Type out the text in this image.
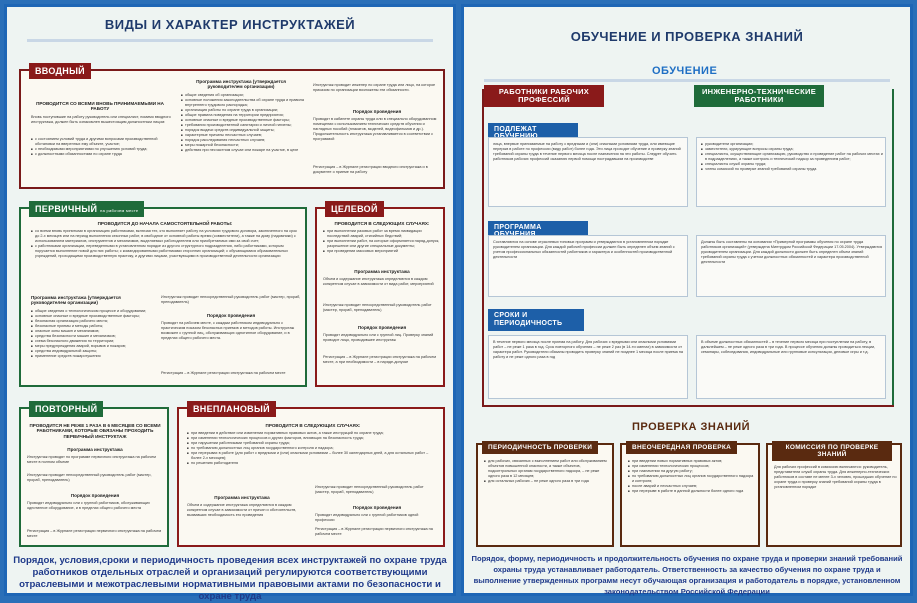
ВИДЫ И ХАРАКТЕР ИНСТРУКТАЖЕЙ
ВВОДНЫЙ
ПРОВОДИТСЯ СО ВСЕМИ ВНОВЬ ПРИНИМАЕМЫМИ НА РАБОТУ
Вновь поступившие на работу руководитель или специалист, помимо вводного инструктажа, должен быть ознакомлен вышестоящим должностным лицом:
■ с состоянием условий труда и другими вопросами производственной обстановки на вверенных ему объекте, участке;
■ с необходимыми мероприятиями по улучшению условий труда;
■ с должностными обязанностями по охране труда
Программа инструктажа (утверждается руководителем организации)
■ общие сведения об организации;
■ основные положения законодательства об охране труда и правила внутреннего трудового распорядка;
■ организация работы по охране труда в организации;
■ общие правила поведения на территории предприятия;
■ основные опасные и вредные производственные факторы;
■ требования производственной санитарии и личной гигиены;
■ порядок выдачи средств индивидуальной защиты;
■ характерные причины несчастных случаев;
■ порядок расследования несчастных случаев;
■ меры пожарной безопасности;
■ действия при несчастном случае или пожаре на участке, в цехе
Инструктаж проводит инженер по охране труда или лицо, на которое приказом по организации возложены эти обязанности.
Порядок проведения
Проводят в кабинете охраны труда или в специально оборудованном помещении с использованием технических средств обучения и наглядных пособий (плакатов, моделей, видеофильмов и др.). Продолжительность инструктажа устанавливается в соответствии с программой
Регистрация – в Журнале регистрации вводного инструктажа и в документе о приеме на работу
ПЕРВИЧНЫЙ на рабочем месте
ПРОВОДИТСЯ ДО НАЧАЛА САМОСТОЯТЕЛЬНОЙ РАБОТЫ:
■ со всеми вновь принятыми в организацию работниками, включая тех, кто выполняет работу на условиях трудового договора, заключенного на срок до 2-х месяцев или на период выполнения сезонных работ, в свободное от основной работы время (совместители), а также на дому (надомники) с использованием материалов, инструментов и механизмов, выделяемых работодателем или приобретаемых ими за свой счет;
■ с работниками организации, переведенными в установленном порядке из другого структурного подразделения, либо работниками, которым поручается выполнение новой для них работы; с командированными работниками сторонних организаций; с обучающимися образовательных учреждений, проходящими производственную практику, и другими лицами, участвующими в производственной деятельности организации
Программа инструктажа (утверждается руководителем организации)
■ общие сведения о технологическом процессе и оборудовании;
■ основные опасные и вредные производственные факторы;
■ безопасная организация рабочего места;
■ безопасные приемы и методы работы;
■ опасные зоны машин и механизмов;
■ средства безопасности машин и механизмов;
■ схема безопасного движения по территории;
■ меры предупреждения аварий, взрывов и пожаров;
■ средства индивидуальной защиты;
■ применение средств пожаротушения
Инструктаж проводит непосредственный руководитель работ (мастер, прораб, преподаватель)
Порядок проведения
Проводят на рабочем месте, с каждым работником индивидуально с практическим показом безопасных приемов и методов работы. Инструктаж возможен с группой лиц, обслуживающих однотипное оборудование, и в пределах общего рабочего места.
Регистрация – в Журнале регистрации инструктажа на рабочем месте
ЦЕЛЕВОЙ
ПРОВОДИТСЯ В СЛЕДУЮЩИХ СЛУЧАЯХ:
■ при выполнении разовых работ за время ликвидации последствий аварий, стихийных бедствий;
■ при выполнении работ, на которые оформляется наряд-допуск, разрешение или другие специальные документы;
■ при проведении массовых мероприятий
Программа инструктажа
Объем и содержание инструктажа определяются в каждом конкретном случае в зависимости от вида работ, мероприятий
Инструктаж проводит непосредственный руководитель работ (мастер, прораб, преподаватель)
Порядок проведения
Проводят индивидуально или с группой лиц. Проверку знаний проводит лицо, проводившее инструктаж
Регистрация – в Журнале регистрации инструктажа на рабочем месте, а при необходимости – в наряде-допуске
ПОВТОРНЫЙ
ПРОВОДИТСЯ НЕ РЕЖЕ 1 РАЗА В 6 МЕСЯЦЕВ СО ВСЕМИ РАБОТНИКАМИ, КОТОРЫЕ ОБЯЗАНЫ ПРОХОДИТЬ ПЕРВИЧНЫЙ ИНСТРУКТАЖ
Программа инструктажа
Инструктаж проводят по программе первичного инструктажа на рабочем месте в полном объеме
Инструктаж проводит непосредственный руководитель работ (мастер, прораб, преподаватель)
Порядок проведения
Проводят индивидуально или с группой работников, обслуживающих однотипное оборудование, и в пределах общего рабочего места
Регистрация – в Журнале регистрации первичного инструктажа на рабочем месте
ВНЕПЛАНОВЫЙ
ПРОВОДИТСЯ В СЛЕДУЮЩИХ СЛУЧАЯХ:
■ при введении в действие или изменении нормативных правовых актов, а также инструкций по охране труда;
■ при изменении технологических процессов и других факторов, влияющих на безопасность труда;
■ при нарушении работниками требований охраны труда;
■ по требованию должностных лиц органов государственного контроля и надзора;
■ при перерывах в работе (для работ с вредными и (или) опасными условиями – более 30 календарных дней, а для остальных работ – более 2-х месяцев);
■ по решению работодателя
Программа инструктажа
Объем и содержание инструктажа определяются в каждом конкретном случае в зависимости от причин и обстоятельств, вызвавших необходимость его проведения
Инструктаж проводит непосредственный руководитель работ (мастер, прораб, преподаватель)
Порядок проведения
Проводят индивидуально или с группой работников одной профессии
Регистрация – в Журнале регистрации первичного инструктажа на рабочем месте
Порядок, условия,сроки и периодичность проведения всех инструктажей по охране труда работников отдельных отраслей и организаций регулируются соответствующими отраслевыми и межотраслевыми нормативными правовыми актами по безопасности и охране труда
ОБУЧЕНИЕ И ПРОВЕРКА ЗНАНИЙ
ОБУЧЕНИЕ
РАБОТНИКИ РАБОЧИХ ПРОФЕССИЙ
ИНЖЕНЕРНО-ТЕХНИЧЕСКИЕ РАБОТНИКИ
ПОДЛЕЖАТ
лица, впервые принимаемые на работу с вредными и (или) опасными условиями труда, или имеющие перерыв в работе по профессии (виду работ) более года. Эти лица проходят обучение и проверку знаний требований охраны труда в течение первого месяца после назначения на эти работы. Следует обучить работников рабочих профессий оказанию первой помощи пострадавшим на производстве
■ руководители организации;
■ заместители, курирующие вопросы охраны труда;
■ специалисты, осуществляющие организацию, руководство и проведение работ на рабочих местах и в подразделениях, а также контроль и технический надзор за проведением работ;
■ специалисты служб охраны труда;
■ члены комиссий по проверке знаний требований охраны труда
ПРОГРАММА
Составляются на основе отраслевых типовых программ и утверждаются в установленном порядке руководителем организации. Для каждой рабочей профессии должен быть определен объем знаний с учетом профессиональных обязанностей работников и характера и особенностей производственной деятельности
Должны быть составлены на основании «Примерной программы обучения по охране труда работников организаций» (утверждена Минтрудом Российской Федерации 17.05.2004). Утверждаются руководителем организации. Для каждой должности должен быть определен объем знаний требований охраны труда с учетом должностных обязанностей и характера производственной деятельности
СРОКИ И ПЕРИОДИЧНОСТЬ
В течение первого месяца после приема на работу. Для рабочих с вредными или опасными условиями работ – не реже 1 раза в год. Срок повторного обучения – не реже 2 раз (в 14-ти сменах) в зависимости от характера работ. Руководители обязаны проводить проверку знаний не позднее 1 месяца после приема на работу и не реже одного раза в год
В объеме должностных обязанностей – в течение первого месяца при поступлении на работу, в дальнейшем – не реже одного раза в три года. В процессе обучения должны проводиться лекции, семинары, собеседования, индивидуальные или групповые консультации, деловые игры и т.д.
ПРОВЕРКА ЗНАНИЙ
ПЕРИОДИЧНОСТЬ ПРОВЕРКИ
■ для рабочих, связанных с выполнением работ или обслуживанием объектов повышенной опасности, а также объектов, подконтрольных органам государственного надзора, – не реже одного раза в 12 месяцев;
■ для остальных рабочих – не реже одного раза в три года
ВНЕОЧЕРЕДНАЯ ПРОВЕРКА
■ при введении новых нормативных правовых актов;
■ при изменении технологических процессов;
■ при назначении на другую работу;
■ по требованию должностных лиц органов государственного надзора и контроля;
■ после аварий и несчастных случаев;
■ при перерыве в работе в данной должности более одного года
КОМИССИЯ ПО ПРОВЕРКЕ ЗНАНИЙ
Для рабочих профессий в комиссию включаются: руководитель, представители служб охраны труда. Для инженерно-технических работников в составе не менее 3-х человек, прошедших обучение по охране труда и проверку знаний требований охраны труда в установленном порядке
Порядок, форму, периодичность и продолжительность обучения по охране труда и проверки знаний требований охраны труда устанавливает работодатель. Ответственность за качество обучения по охране труда и выполнение утвержденных программ несут обучающая организация и работодатель в порядке, установленном законодательством Российской Федерации
